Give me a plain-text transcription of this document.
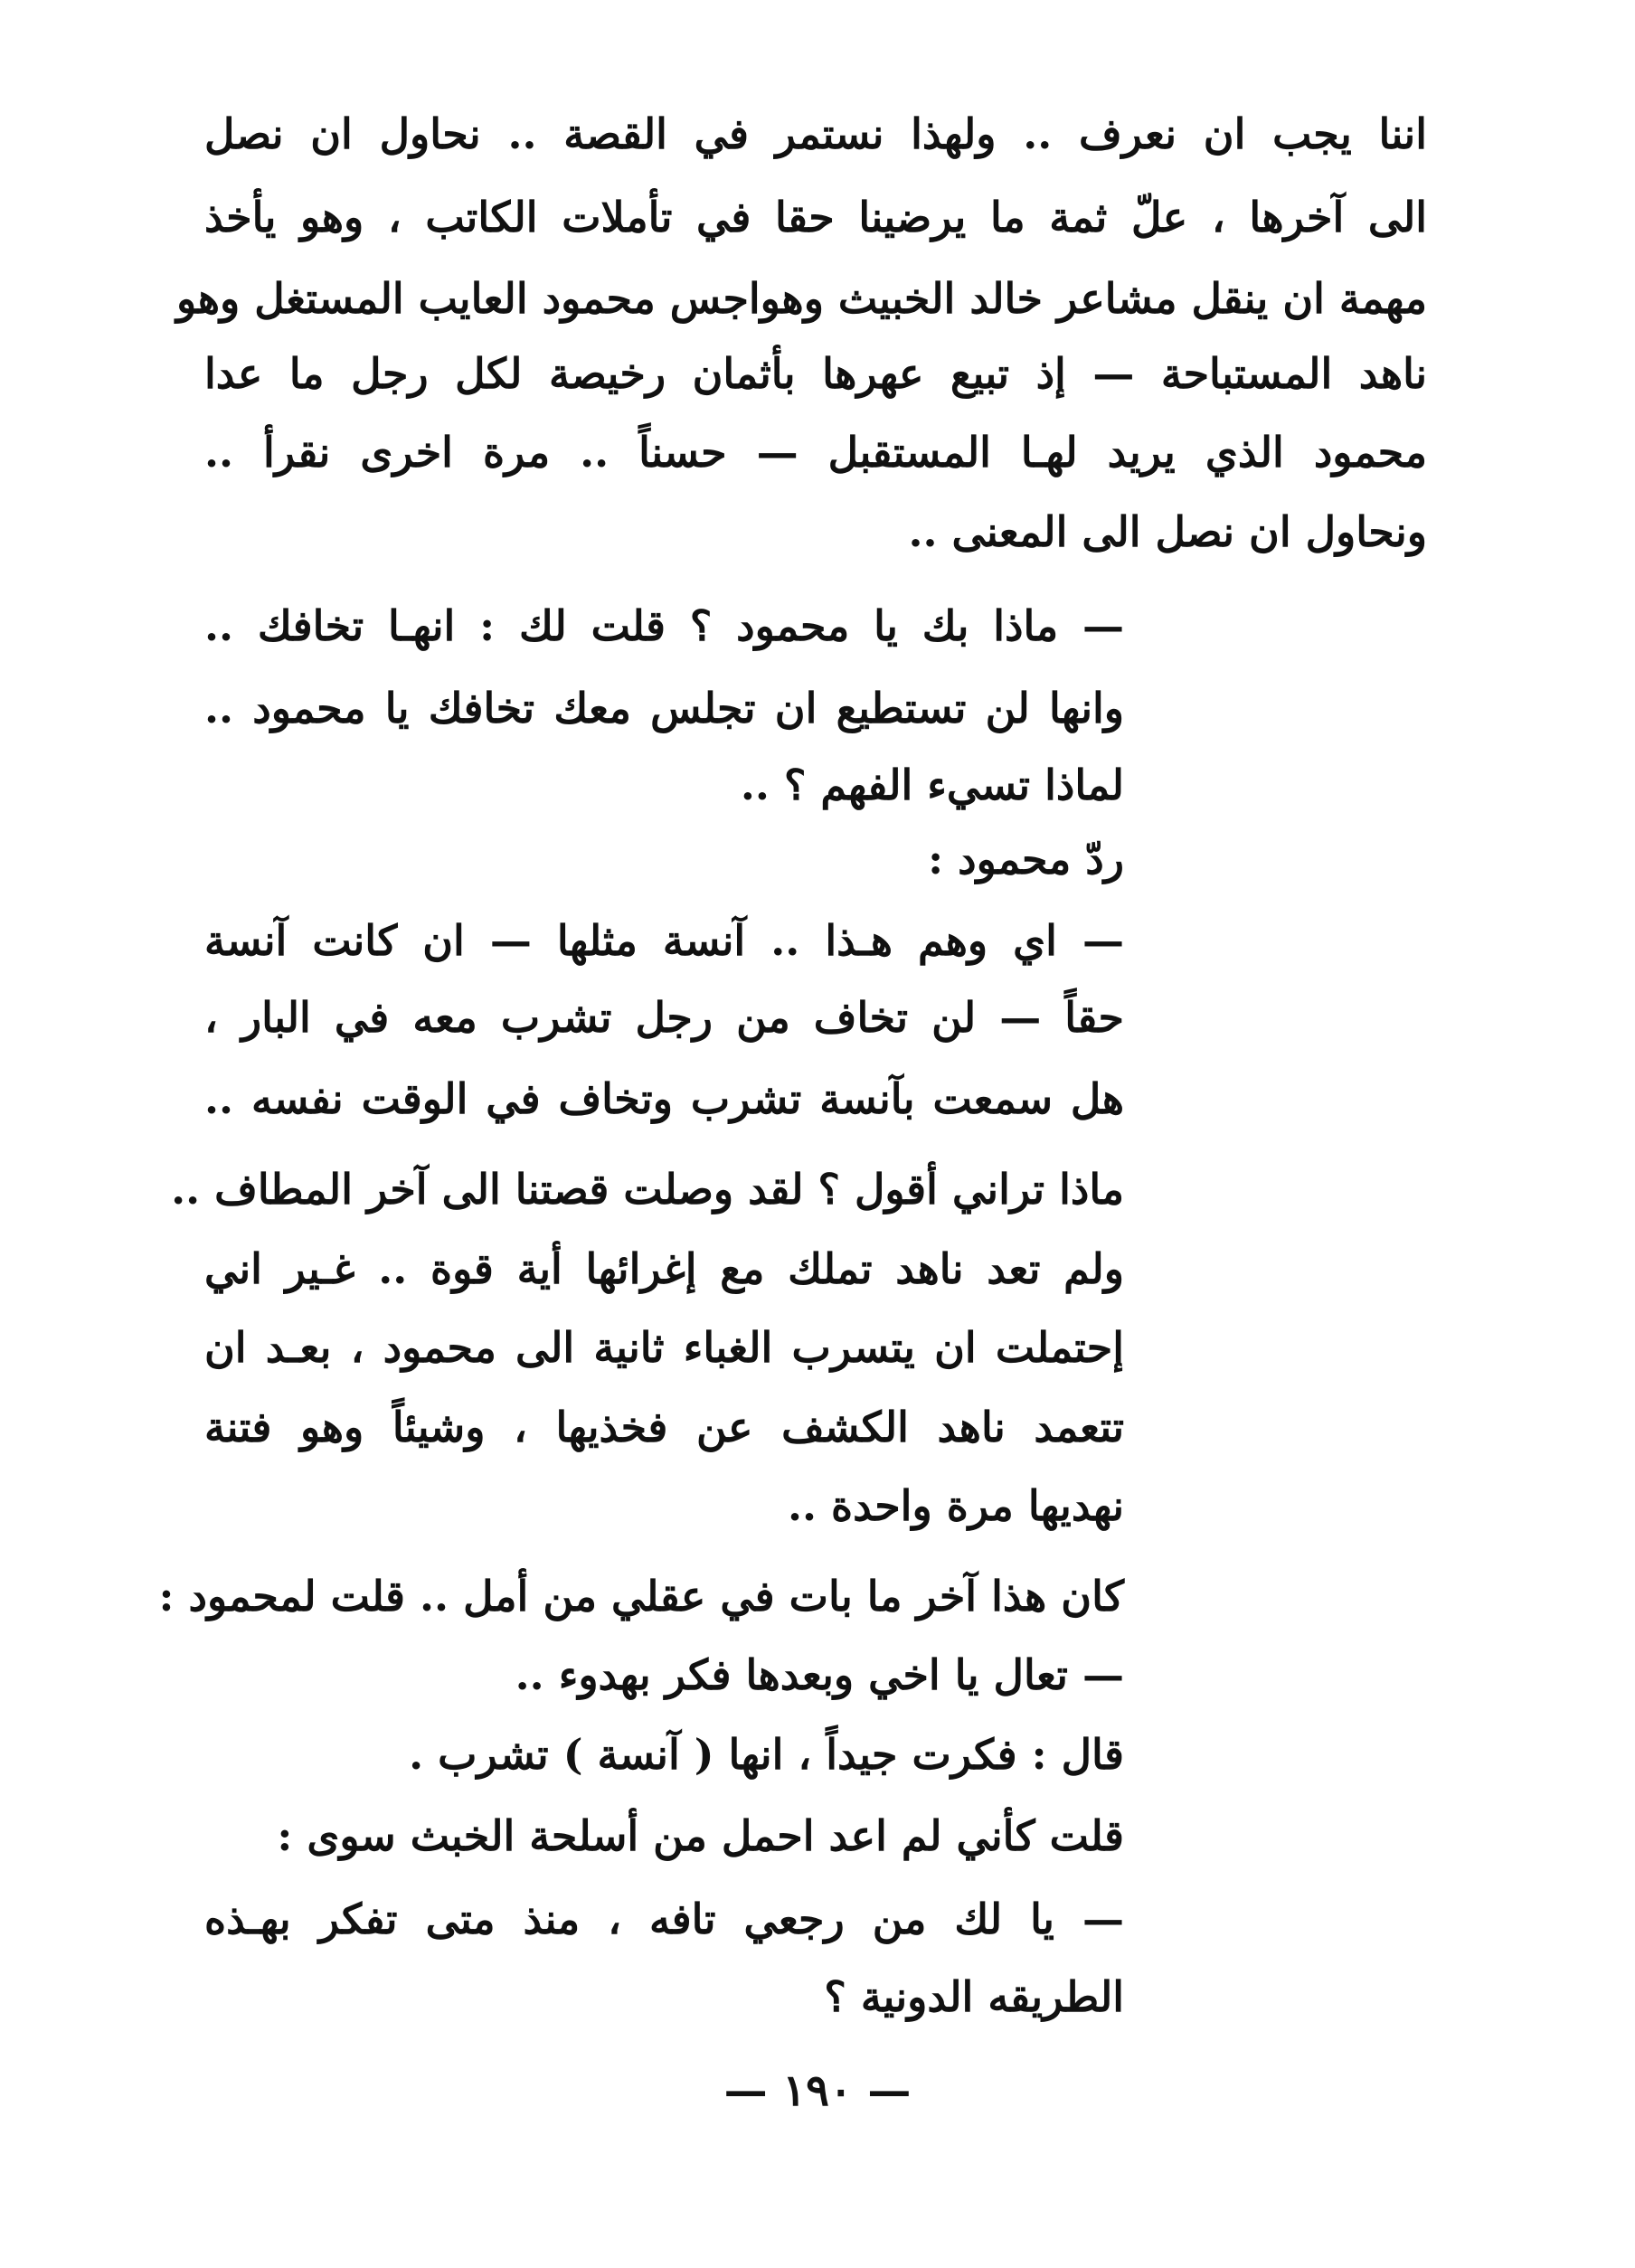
اننا يجب ان نعرف .. ولهذا نستمر في القصة .. نحاول ان نصل
الى آخرها ، علّ ثمة ما يرضينا حقا في تأملات الكاتب ، وهو يأخذ
مهمة ان ينقل مشاعر خالد الخبيث وهواجس محمود العايب المستغل وهو
ناهد المستباحة — إذ تبيع عهرها بأثمان رخيصة لكل رجل ما عدا
محمود الذي يريد لهـا المستقبل — حسناً .. مرة اخرى نقرأ ..
ونحاول ان نصل الى المعنى ..
— ماذا بك يا محمود ؟ قلت لك : انهـا تخافك ..
وانها لن تستطيع ان تجلس معك تخافك يا محمود ..
لماذا تسيء الفهم ؟ ..
ردّ محمود :
— اي وهم هـذا .. آنسة مثلها — ان كانت آنسة
حقاً — لن تخاف من رجل تشرب معه في البار ،
هل سمعت بآنسة تشرب وتخاف في الوقت نفسه ..
ماذا تراني أقول ؟ لقد وصلت قصتنا الى آخر المطاف ..
ولم تعد ناهد تملك مع إغرائها أية قوة .. غـير اني
إحتملت ان يتسرب الغباء ثانية الى محمود ، بعـد ان
تتعمد ناهد الكشف عن فخذيها ، وشيئاً وهو فتنة
نهديها مرة واحدة ..
كان هذا آخر ما بات في عقلي من أمل .. قلت لمحمود :
— تعال يا اخي وبعدها فكر بهدوء ..
قال : فكرت جيداً ، انها ( آنسة ) تشرب .
قلت كأني لم اعد احمل من أسلحة الخبث سوى :
— يا لك من رجعي تافه ، منذ متى تفكر بهـذه
الطريقه الدونية ؟
— ١٩٠ —
